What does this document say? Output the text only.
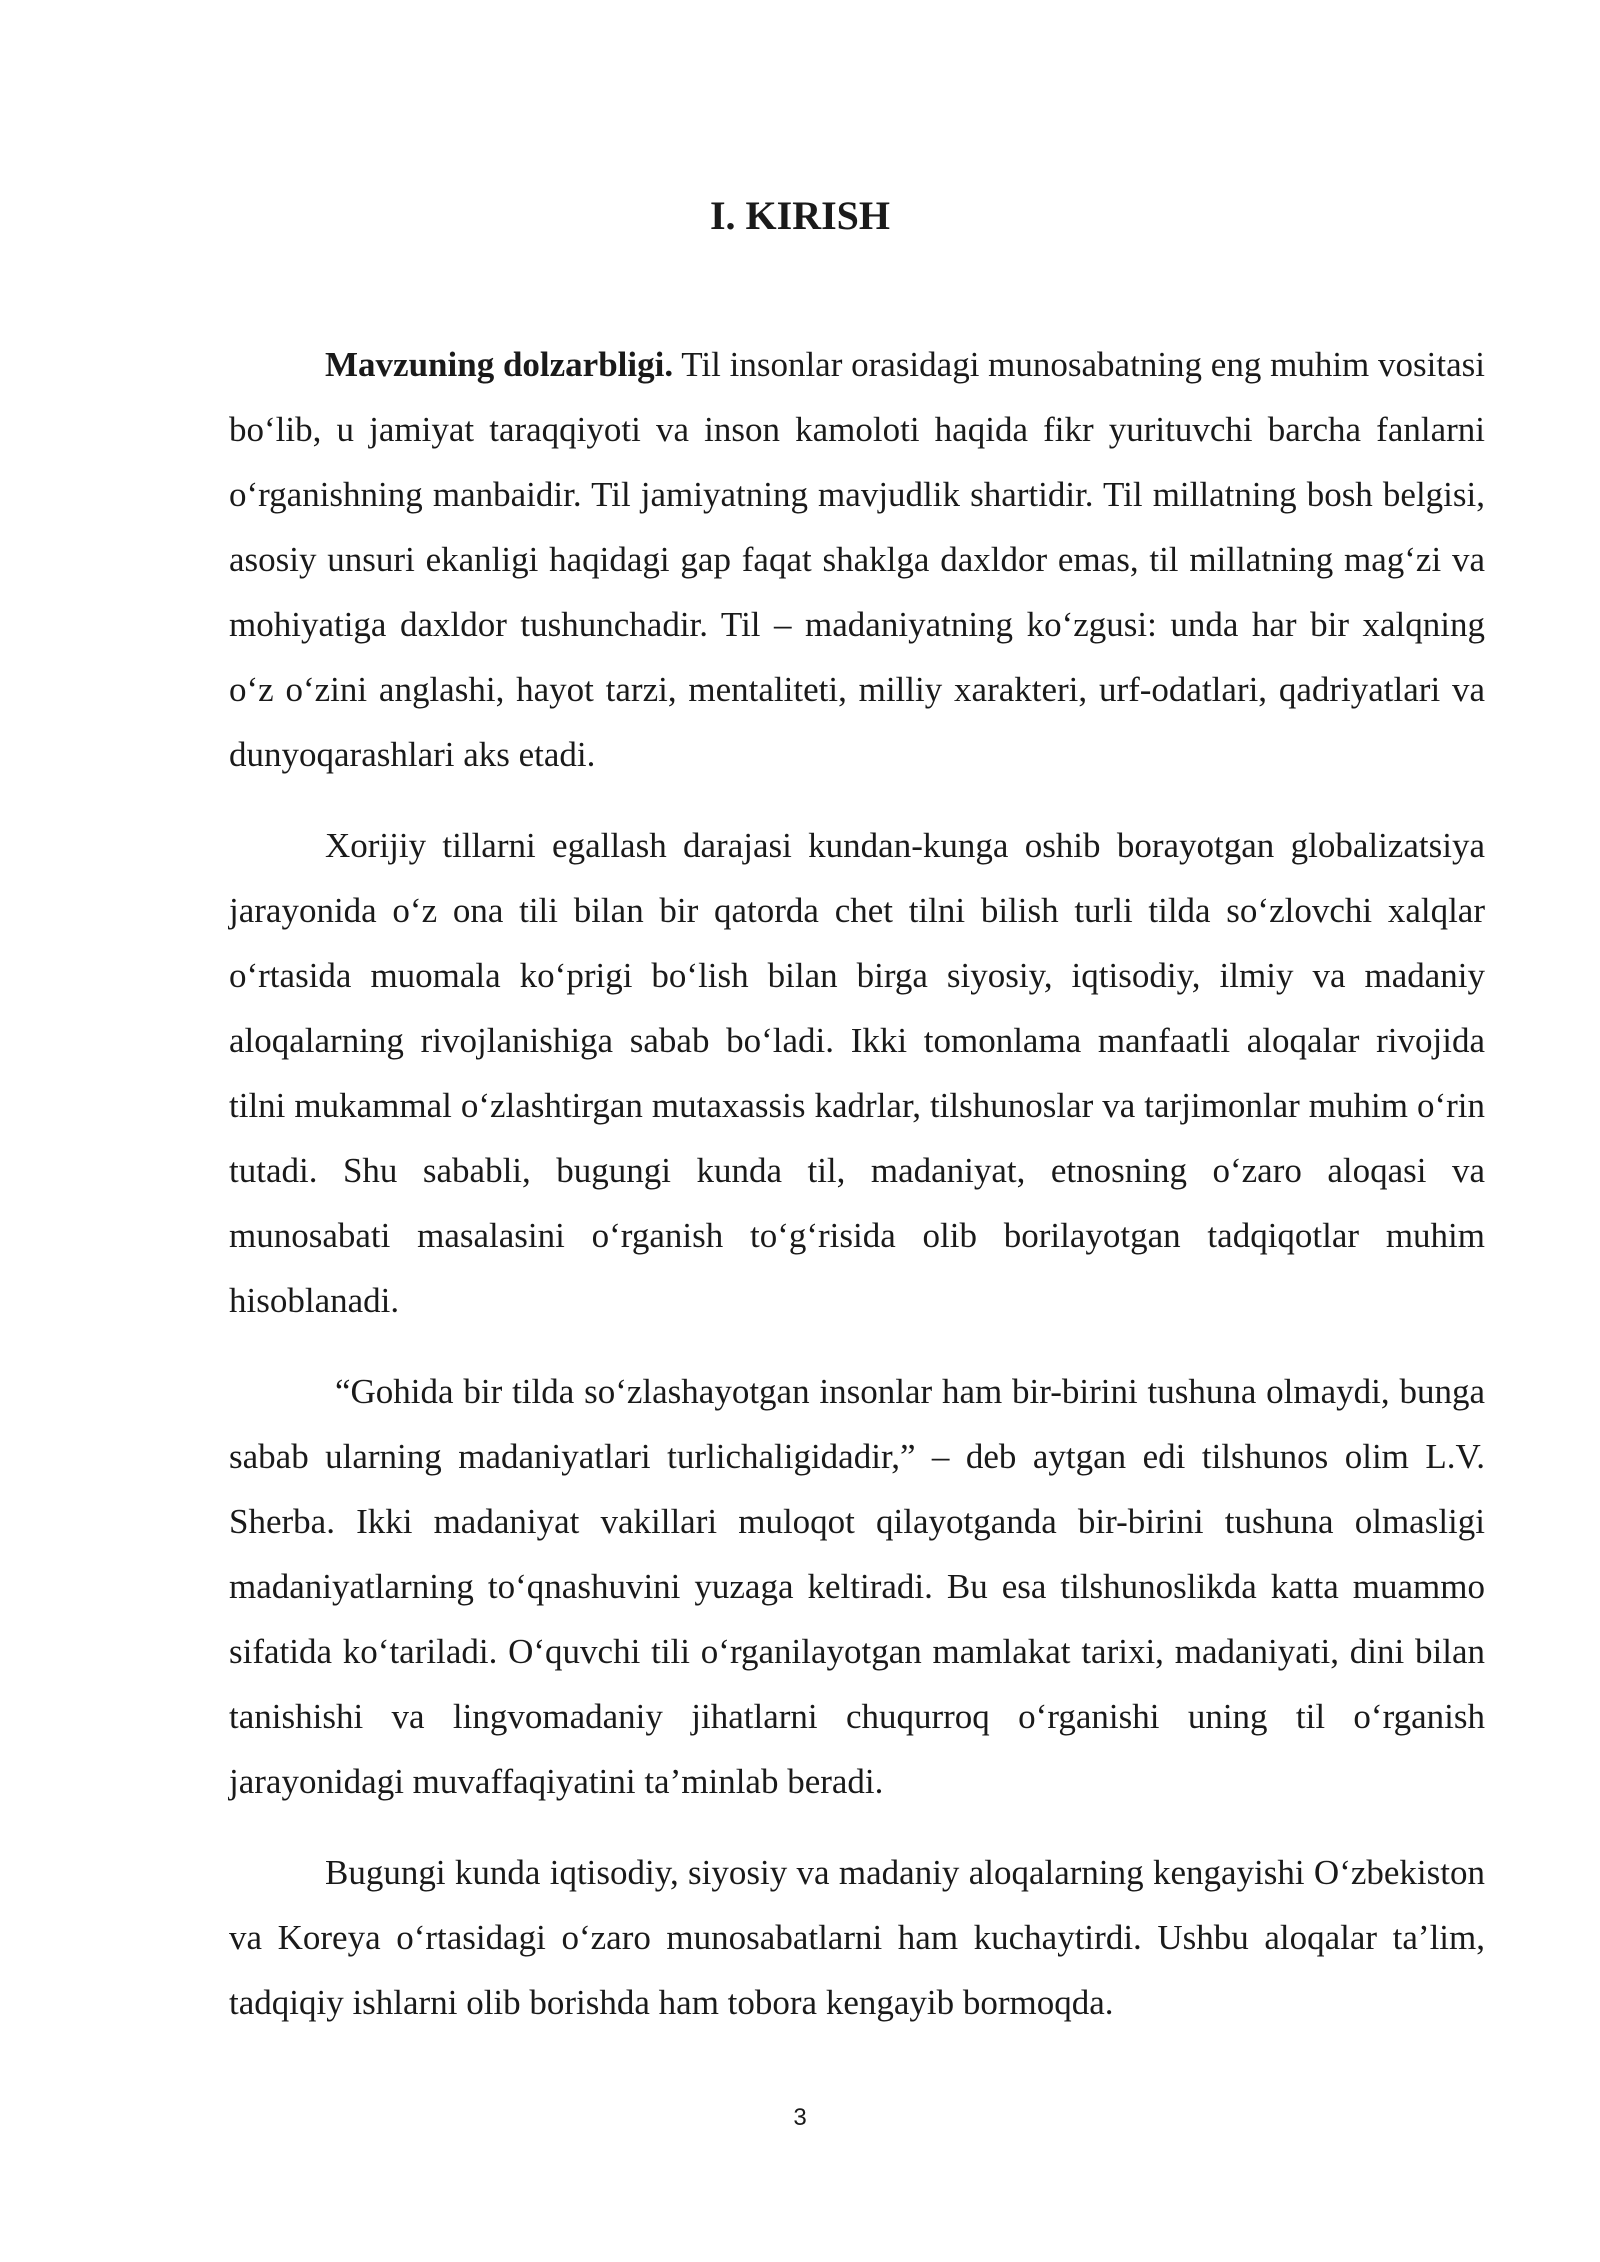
I. KIRISH

Mavzuning dolzarbligi. Til insonlar orasidagi munosabatning eng muhim vositasi bo‘lib, u jamiyat taraqqiyoti va inson kamoloti haqida fikr yurituvchi barcha fanlarni o‘rganishning manbaidir. Til jamiyatning mavjudlik shartidir. Til millatning bosh belgisi, asosiy unsuri ekanligi haqidagi gap faqat shaklga daxldor emas, til millatning mag‘zi va mohiyatiga daxldor tushunchadir. Til – madaniyatning ko‘zgusi: unda har bir xalqning o‘z o‘zini anglashi, hayot tarzi, mentaliteti, milliy xarakteri, urf-odatlari, qadriyatlari va dunyoqarashlari aks etadi.

Xorijiy tillarni egallash darajasi kundan-kunga oshib borayotgan globalizatsiya jarayonida o‘z ona tili bilan bir qatorda chet tilni bilish turli tilda so‘zlovchi xalqlar o‘rtasida muomala ko‘prigi bo‘lish bilan birga siyosiy, iqtisodiy, ilmiy va madaniy aloqalarning rivojlanishiga sabab bo‘ladi. Ikki tomonlama manfaatli aloqalar rivojida tilni mukammal o‘zlashtirgan mutaxassis kadrlar, tilshunoslar va tarjimonlar muhim o‘rin tutadi. Shu sababli, bugungi kunda til, madaniyat, etnosning o‘zaro aloqasi va munosabati masalasini o‘rganish to‘g‘risida olib borilayotgan tadqiqotlar muhim hisoblanadi.

“Gohida bir tilda so‘zlashayotgan insonlar ham bir-birini tushuna olmaydi, bunga sabab ularning madaniyatlari turlichaligidadir,” – deb aytgan edi tilshunos olim L.V. Sherba. Ikki madaniyat vakillari muloqot qilayotganda bir-birini tushuna olmasligi madaniyatlarning to‘qnashuvini yuzaga keltiradi. Bu esa tilshunoslikda katta muammo sifatida ko‘tariladi. O‘quvchi tili o‘rganilayotgan mamlakat tarixi, madaniyati, dini bilan tanishishi va lingvomadaniy jihatlarni chuqurroq o‘rganishi uning til o‘rganish jarayonidagi muvaffaqiyatini ta’minlab beradi.

Bugungi kunda iqtisodiy, siyosiy va madaniy aloqalarning kengayishi O‘zbekiston va Koreya o‘rtasidagi o‘zaro munosabatlarni ham kuchaytirdi. Ushbu aloqalar ta’lim, tadqiqiy ishlarni olib borishda ham tobora kengayib bormoqda.

3
